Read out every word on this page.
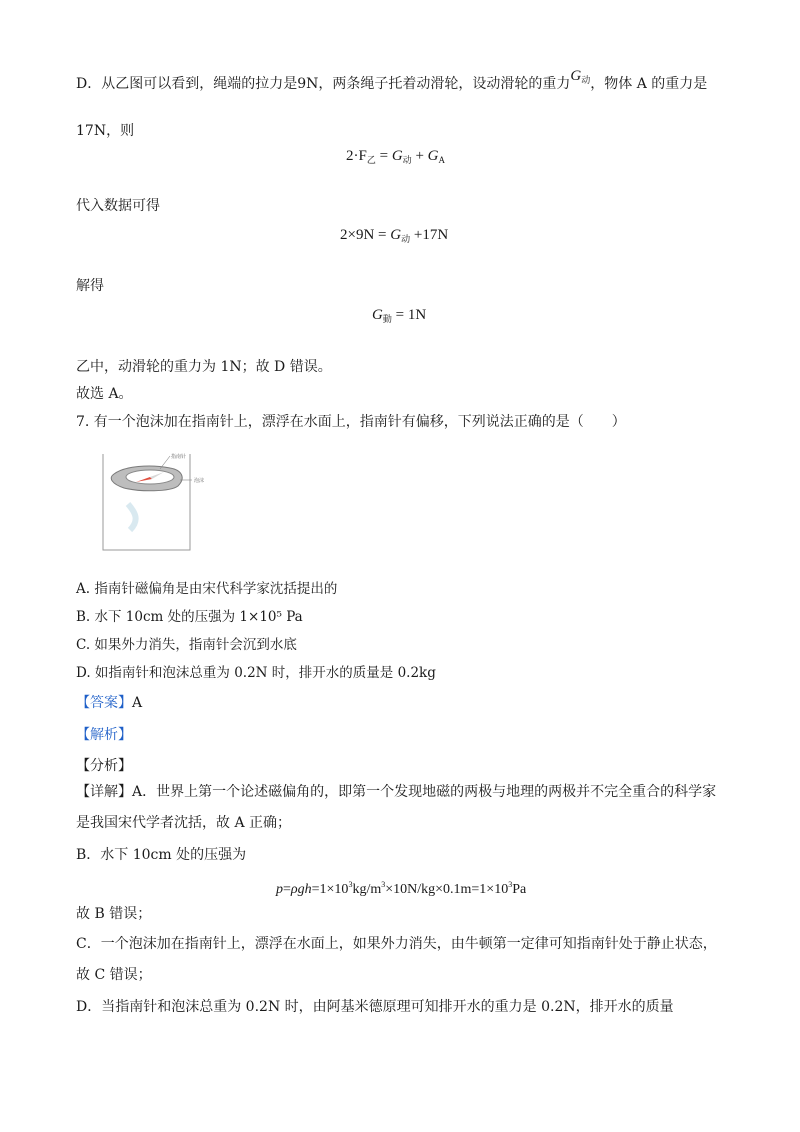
D．从乙图可以看到，绳端的拉力是9N，两条绳子托着动滑轮，设动滑轮的重力$G_动$，物体 A 的重力是
17N，则
$2\cdot F_乙 = G_动 + G_A$
代入数据可得
$2\times 9N = G_动 +17N$
解得
$G_動 = 1N$
乙中，动滑轮的重力为 1N；故 D 错误。
故选 A。
7. 有一个泡沫加在指南针上，漂浮在水面上，指南针有偏移，下列说法正确的是（　　）
指南针
泡沫
A. 指南针磁偏角是由宋代科学家沈括提出的
B. 水下 10cm 处的压强为 1×10⁵ Pa
C. 如果外力消失，指南针会沉到水底
D. 如指南针和泡沫总重为 0.2N 时，排开水的质量是 0.2kg
【答案】A
【解析】
【分析】
【详解】A．世界上第一个论述磁偏角的，即第一个发现地磁的两极与地理的两极并不完全重合的科学家
是我国宋代学者沈括，故 A 正确；
B．水下 10cm 处的压强为
$p=\rho gh=1\times 10^3kg/m^3\times 10N/kg\times 0.1m=1\times 10^3Pa$
故 B 错误；
C．一个泡沫加在指南针上，漂浮在水面上，如果外力消失，由牛顿第一定律可知指南针处于静止状态，
故 C 错误；
D．当指南针和泡沫总重为 0.2N 时，由阿基米德原理可知排开水的重力是 0.2N，排开水的质量
